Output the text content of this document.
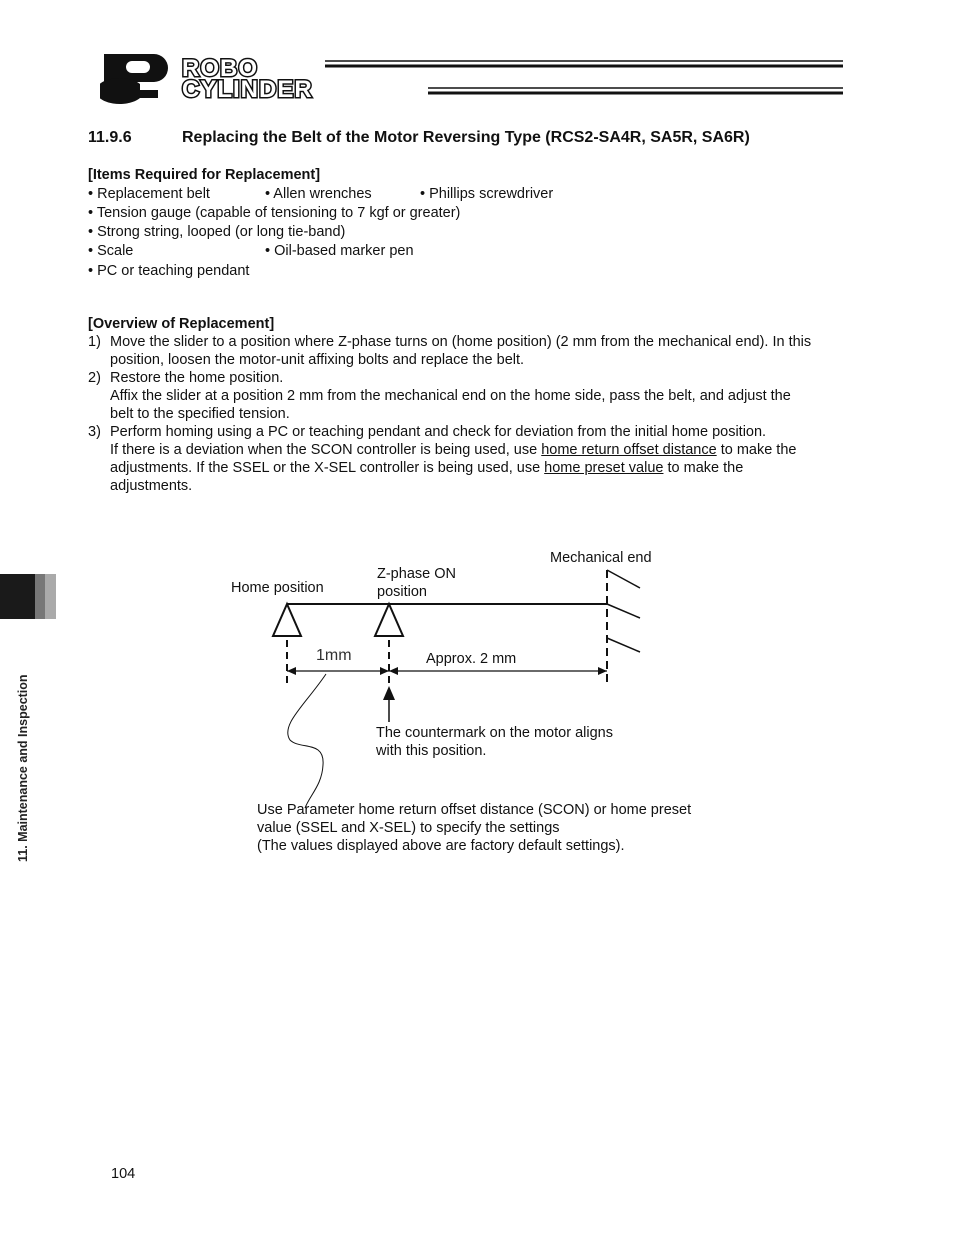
ROBO
CYLINDER
11.9.6	Replacing the Belt of the Motor Reversing Type (RCS2-SA4R, SA5R, SA6R)
[Items Required for Replacement]
• Replacement belt	• Allen wrenches	• Phillips screwdriver
• Tension gauge (capable of tensioning to 7 kgf or greater)
• Strong string, looped (or long tie-band)
• Scale	• Oil-based marker pen
• PC or teaching pendant
[Overview of Replacement]
1) Move the slider to a position where Z-phase turns on (home position) (2 mm from the mechanical end). In this
position, loosen the motor-unit affixing bolts and replace the belt.
2) Restore the home position.
Affix the slider at a position 2 mm from the mechanical end on the home side, pass the belt, and adjust the
belt to the specified tension.
3) Perform homing using a PC or teaching pendant and check for deviation from the initial home position.
If there is a deviation when the SCON controller is being used, use home return offset distance to make the
adjustments. If the SSEL or the X-SEL controller is being used, use home preset value to make the
adjustments.
Mechanical end
Home position
Z-phase ON
position
1mm	Approx. 2 mm
The countermark on the motor aligns
with this position.
Use Parameter home return offset distance (SCON) or home preset
value (SSEL and X-SEL) to specify the settings
(The values displayed above are factory default settings).
11. Maintenance and Inspection
104
